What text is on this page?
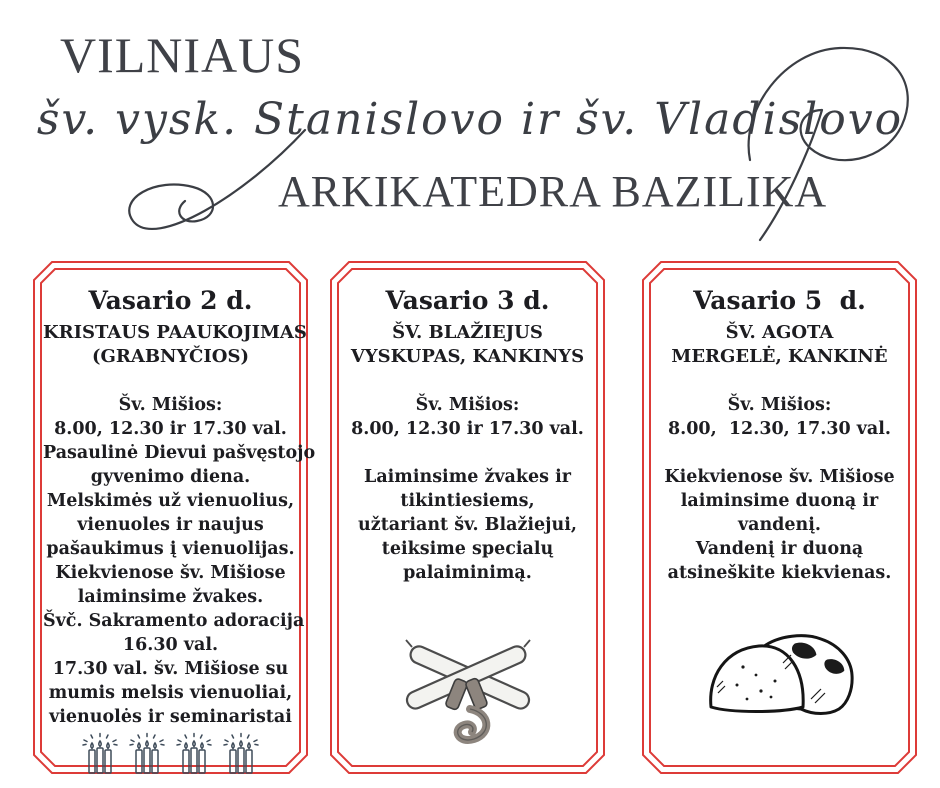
VILNIAUS
šv. vysk. Stanislovo ir šv. Vladislovo
ARKIKATEDRA BAZILIKA
Vasario 2 d.
KRISTAUS PAAUKOJIMAS
(GRABNYČIOS)
Šv. Mišios:
8.00, 12.30 ir 17.30 val.
Pasaulinė Dievui pašvęstojo
gyvenimo diena.
Melskimės už vienuolius,
vienuoles ir naujus
pašaukimus į vienuolijas.
Kiekvienose šv. Mišiose
laiminsime žvakes.
Švč. Sakramento adoracija
16.30 val.
17.30 val. šv. Mišiose su
mumis melsis vienuoliai,
vienuolės ir seminaristai
Vasario 3 d.
ŠV. BLAŽIEJUS
VYSKUPAS, KANKINYS
Šv. Mišios:
8.00, 12.30 ir 17.30 val.
Laiminsime žvakes ir
tikintiesiems,
užtariant šv. Blažiejui,
teiksime specialų
palaiminimą.
Vasario 5  d.
ŠV. AGOTA
MERGELĖ, KANKINĖ
Šv. Mišios:
8.00,  12.30, 17.30 val.
Kiekvienose šv. Mišiose
laiminsime duoną ir
vandenį.
Vandenį ir duoną
atsineškite kiekvienas.
